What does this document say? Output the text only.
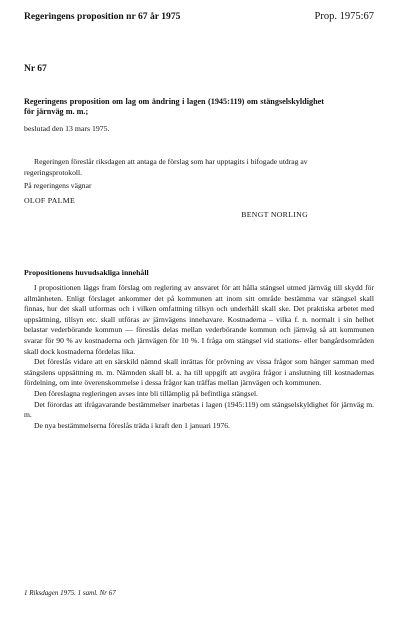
Regeringens proposition nr 67 år 1975	Prop. 1975:67
Nr 67
Regeringens proposition om lag om ändring i lagen (1945:119) om stängselskyldighet för järnväg m. m.;
beslutad den 13 mars 1975.

Regeringen föreslår riksdagen att antaga de förslag som har upptagits i bifogade utdrag av regeringsprotokoll.

På regeringens vägnar
OLOF PALME
BENGT NORLING
Propositionens huvudsakliga innehåll

I propositionen läggs fram förslag om reglering av ansvaret för att hålla stängsel utmed järnväg till skydd för allmänheten. Enligt förslaget ankommer det på kommunen att inom sitt område bestämma var stängsel skall finnas, hur det skall utformas och i vilken omfattning tillsyn och underhåll skall ske. Det praktiska arbetet med uppsättning, tillsyn etc. skall utföras av järnvägens innehavare. Kostnaderna – vilka f. n. normalt i sin helhet belastar vederbörande kommun — föreslås delas mellan vederbörande kommun och järnväg så att kommunen svarar för 90 % av kostnaderna och järnvägen för 10 %. I fråga om stängsel vid stations- eller bangårdsområden skall dock kostnaderna fördelas lika.

Det föreslås vidare att en särskild nämnd skall inrättas för prövning av vissa frågor som hänger samman med stängslens uppsättning m. m. Nämnden skall bl. a. ha till uppgift att avgöra frågor i anslutning till kostnadernas fördelning, om inte överenskommelse i dessa frågor kan träffas mellan järnvägen och kommunen.

Den föreslagna regleringen avses inte bli tillämplig på befintliga stängsel.

Det förordas att ifrågavarande bestämmelser inarbetas i lagen (1945:119) om stängselskyldighet för järnväg m. m.

De nya bestämmelserna föreslås träda i kraft den 1 januari 1976.

1 Riksdagen 1975. 1 saml. Nr 67
